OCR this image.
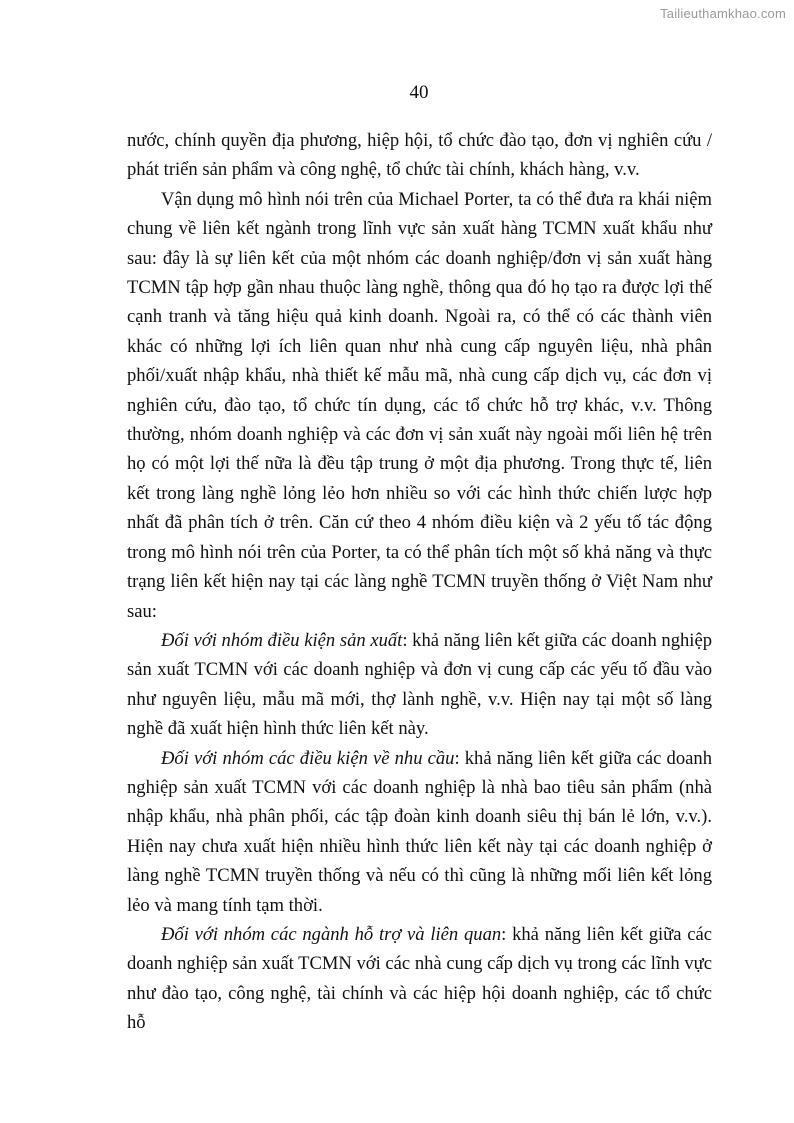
Tailieuthamkhao.com
40

nước, chính quyền địa phương, hiệp hội, tổ chức đào tạo, đơn vị nghiên cứu / phát triển sản phẩm và công nghệ, tổ chức tài chính, khách hàng, v.v.

Vận dụng mô hình nói trên của Michael Porter, ta có thể đưa ra khái niệm chung về liên kết ngành trong lĩnh vực sản xuất hàng TCMN xuất khẩu như sau: đây là sự liên kết của một nhóm các doanh nghiệp/đơn vị sản xuất hàng TCMN tập hợp gần nhau thuộc làng nghề, thông qua đó họ tạo ra được lợi thế cạnh tranh và tăng hiệu quả kinh doanh. Ngoài ra, có thể có các thành viên khác có những lợi ích liên quan như nhà cung cấp nguyên liệu, nhà phân phối/xuất nhập khẩu, nhà thiết kế mẫu mã, nhà cung cấp dịch vụ, các đơn vị nghiên cứu, đào tạo, tổ chức tín dụng, các tổ chức hỗ trợ khác, v.v. Thông thường, nhóm doanh nghiệp và các đơn vị sản xuất này ngoài mối liên hệ trên họ có một lợi thế nữa là đều tập trung ở một địa phương. Trong thực tế, liên kết trong làng nghề lỏng lẻo hơn nhiều so với các hình thức chiến lược hợp nhất đã phân tích ở trên. Căn cứ theo 4 nhóm điều kiện và 2 yếu tố tác động trong mô hình nói trên của Porter, ta có thể phân tích một số khả năng và thực trạng liên kết hiện nay tại các làng nghề TCMN truyền thống ở Việt Nam như sau:

Đối với nhóm điều kiện sản xuất: khả năng liên kết giữa các doanh nghiệp sản xuất TCMN với các doanh nghiệp và đơn vị cung cấp các yếu tố đầu vào như nguyên liệu, mẫu mã mới, thợ lành nghề, v.v. Hiện nay tại một số làng nghề đã xuất hiện hình thức liên kết này.

Đối với nhóm các điều kiện về nhu cầu: khả năng liên kết giữa các doanh nghiệp sản xuất TCMN với các doanh nghiệp là nhà bao tiêu sản phẩm (nhà nhập khẩu, nhà phân phối, các tập đoàn kinh doanh siêu thị bán lẻ lớn, v.v.). Hiện nay chưa xuất hiện nhiều hình thức liên kết này tại các doanh nghiệp ở làng nghề TCMN truyền thống và nếu có thì cũng là những mối liên kết lỏng lẻo và mang tính tạm thời.

Đối với nhóm các ngành hỗ trợ và liên quan: khả năng liên kết giữa các doanh nghiệp sản xuất TCMN với các nhà cung cấp dịch vụ trong các lĩnh vực như đào tạo, công nghệ, tài chính và các hiệp hội doanh nghiệp, các tổ chức hỗ
